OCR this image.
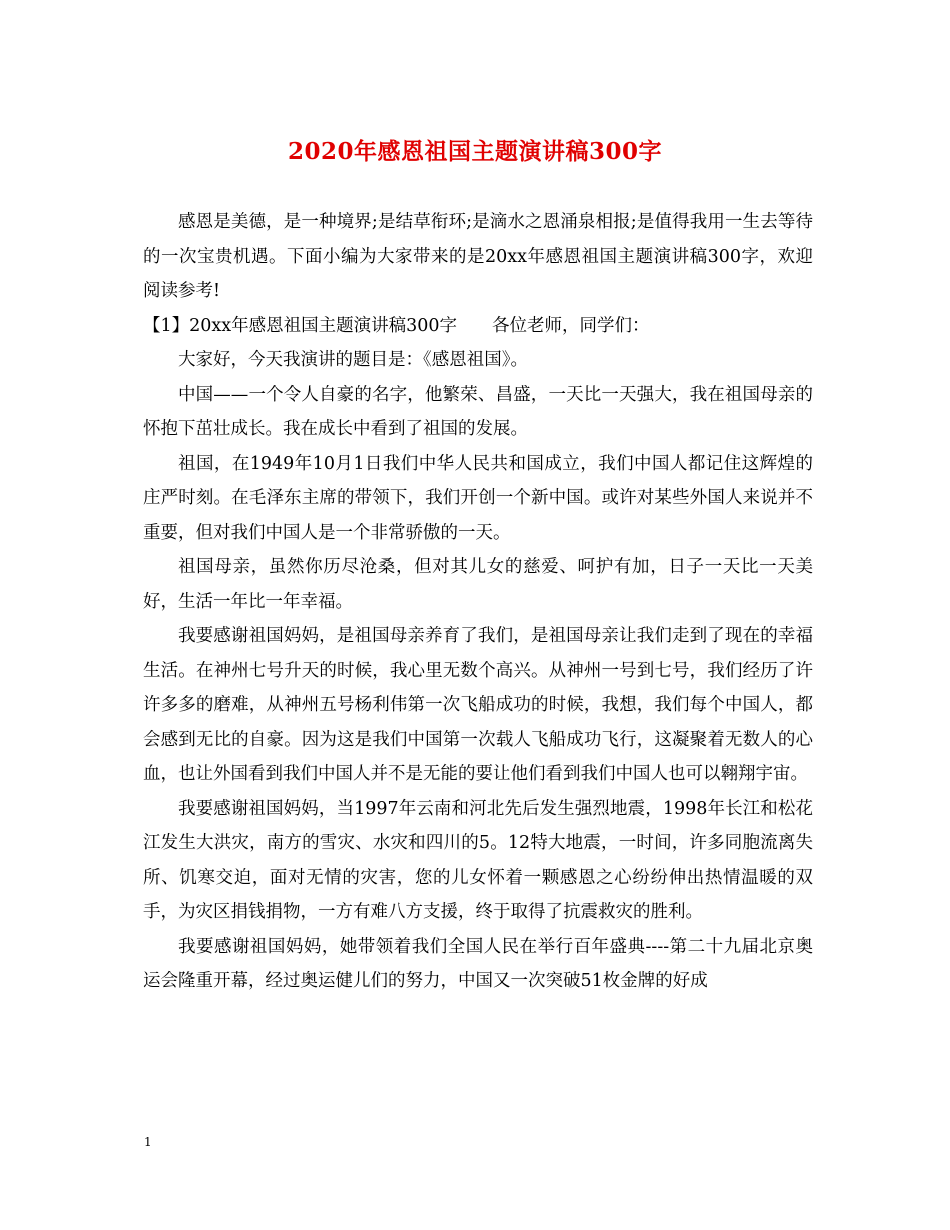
2020年感恩祖国主题演讲稿300字

感恩是美德，是一种境界;是结草衔环;是滴水之恩涌泉相报;是值得我用一生去等待的一次宝贵机遇。下面小编为大家带来的是20xx年感恩祖国主题演讲稿300字，欢迎阅读参考!

【1】20xx年感恩祖国主题演讲稿300字　　各位老师，同学们：

大家好，今天我演讲的题目是：《感恩祖国》。

中国——一个令人自豪的名字，他繁荣、昌盛，一天比一天强大，我在祖国母亲的怀抱下茁壮成长。我在成长中看到了祖国的发展。

祖国，在1949年10月1日我们中华人民共和国成立，我们中国人都记住这辉煌的庄严时刻。在毛泽东主席的带领下，我们开创一个新中国。或许对某些外国人来说并不重要，但对我们中国人是一个非常骄傲的一天。

祖国母亲，虽然你历尽沧桑，但对其儿女的慈爱、呵护有加，日子一天比一天美好，生活一年比一年幸福。

我要感谢祖国妈妈，是祖国母亲养育了我们，是祖国母亲让我们走到了现在的幸福生活。在神州七号升天的时候，我心里无数个高兴。从神州一号到七号，我们经历了许许多多的磨难，从神州五号杨利伟第一次飞船成功的时候，我想，我们每个中国人，都会感到无比的自豪。因为这是我们中国第一次载人飞船成功飞行，这凝聚着无数人的心血，也让外国看到我们中国人并不是无能的要让他们看到我们中国人也可以翱翔宇宙。

我要感谢祖国妈妈，当1997年云南和河北先后发生强烈地震，1998年长江和松花江发生大洪灾，南方的雪灾、水灾和四川的5。12特大地震，一时间，许多同胞流离失所、饥寒交迫，面对无情的灾害，您的儿女怀着一颗感恩之心纷纷伸出热情温暖的双手，为灾区捐钱捐物，一方有难八方支援，终于取得了抗震救灾的胜利。

我要感谢祖国妈妈，她带领着我们全国人民在举行百年盛典----第二十九届北京奥运会隆重开幕，经过奥运健儿们的努力，中国又一次突破51枚金牌的好成

1
